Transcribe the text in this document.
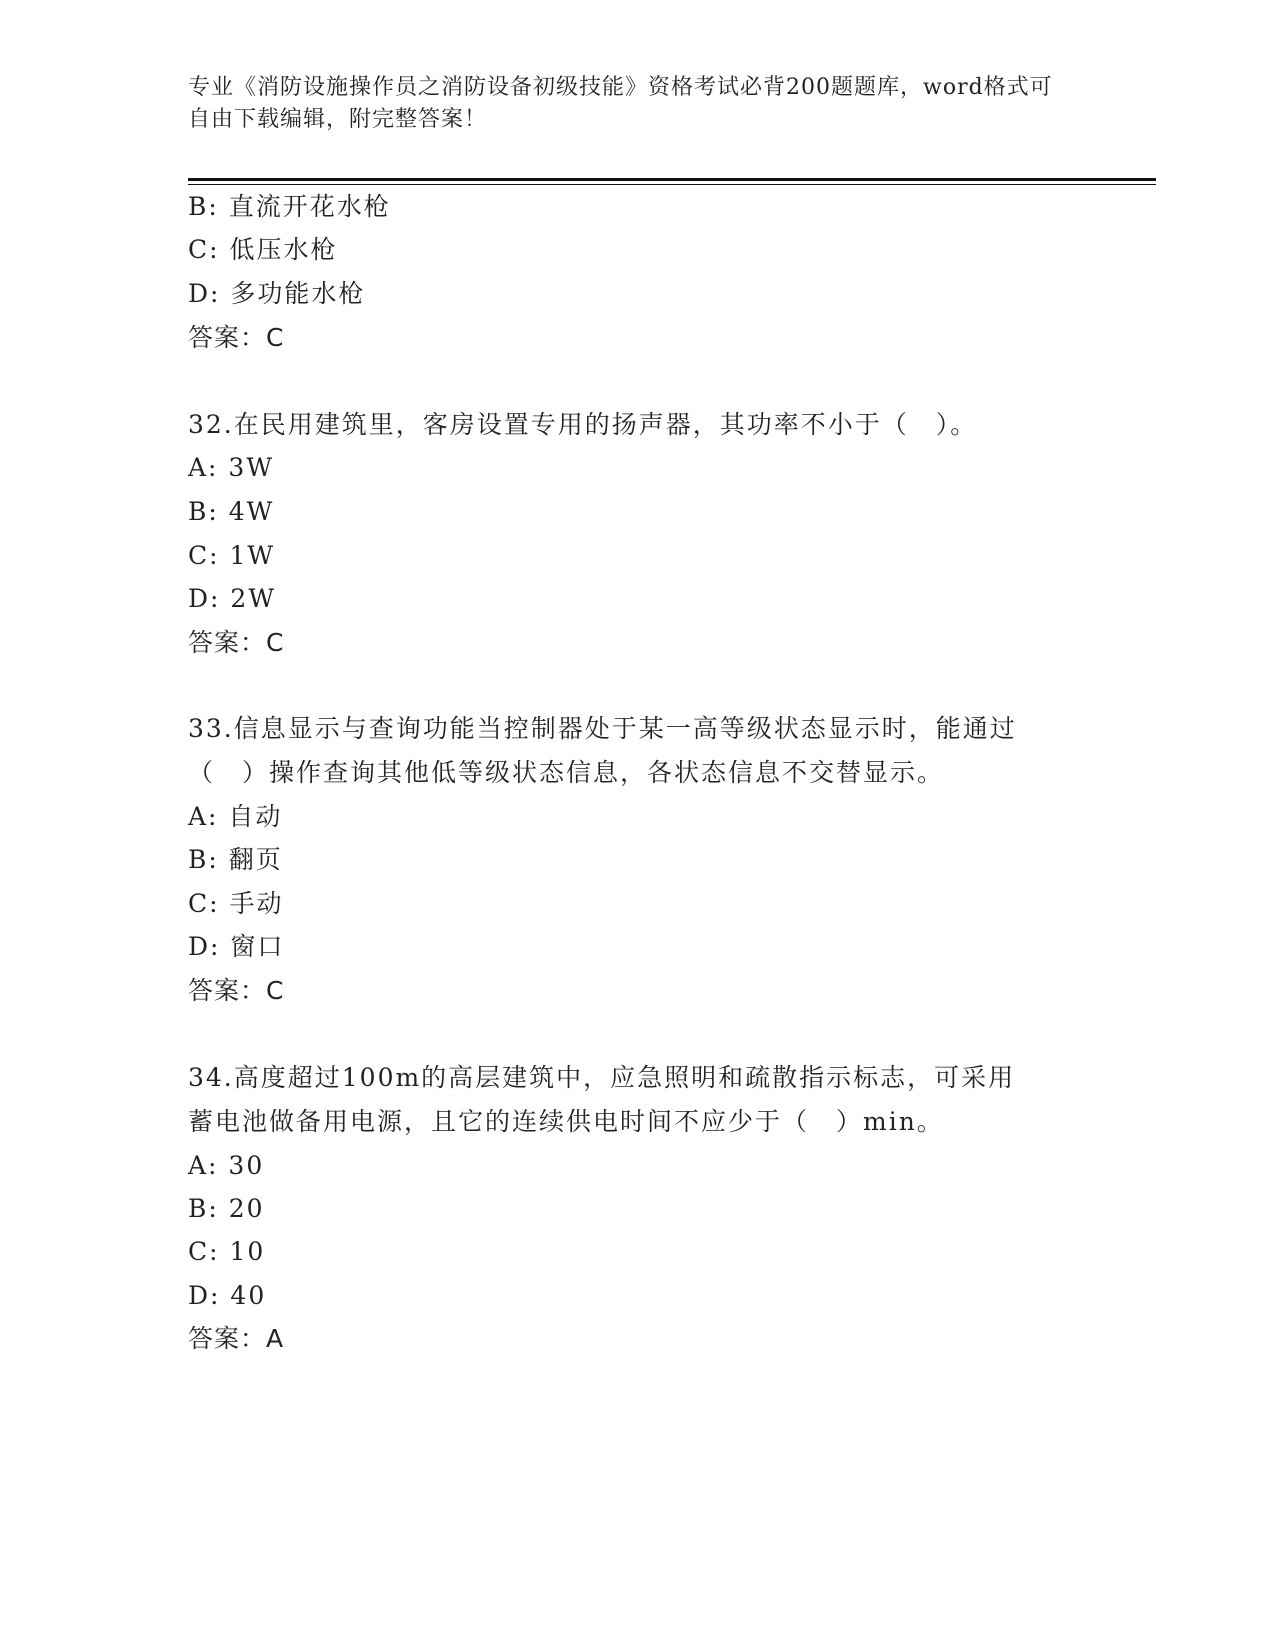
专业《消防设施操作员之消防设备初级技能》资格考试必背200题题库，word格式可自由下载编辑，附完整答案！
B: 直流开花水枪
C: 低压水枪
D: 多功能水枪
答案：C
32.在民用建筑里，客房设置专用的扬声器，其功率不小于（　）。
A: 3W
B: 4W
C: 1W
D: 2W
答案：C
33.信息显示与查询功能当控制器处于某一高等级状态显示时，能通过
（　）操作查询其他低等级状态信息，各状态信息不交替显示。
A: 自动
B: 翻页
C: 手动
D: 窗口
答案：C
34.高度超过100m的高层建筑中，应急照明和疏散指示标志，可采用
蓄电池做备用电源，且它的连续供电时间不应少于（　）min。
A: 30
B: 20
C: 10
D: 40
答案：A
